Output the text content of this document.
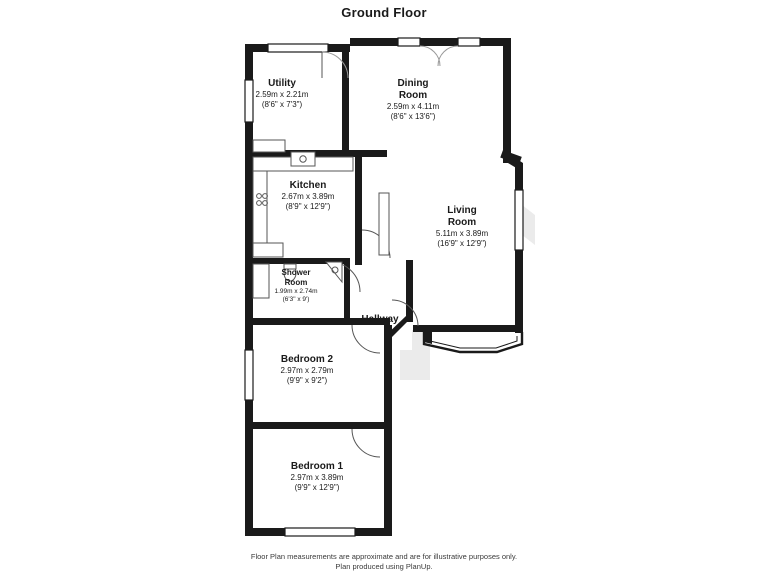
Ground Floor
Utility
2.59m x 2.21m
(8'6" x 7'3")
Dining
Room
2.59m x 4.11m
(8'6" x 13'6")
Kitchen
2.67m x 3.89m
(8'9" x 12'9")	Living
Room
5.11m x 3.89m
(16'9" x 12'9")
Shower
Room
1.99m x 2.74m
(6'3" x 9')
Bedroom 2
2.97m x 2.79m
(9'9" x 9'2")
Bedroom 1
2.97m x 3.89m
(9'9" x 12'9")
Hallway
Floor Plan measurements are approximate and are for illustrative purposes only.
Plan produced using PlanUp.
